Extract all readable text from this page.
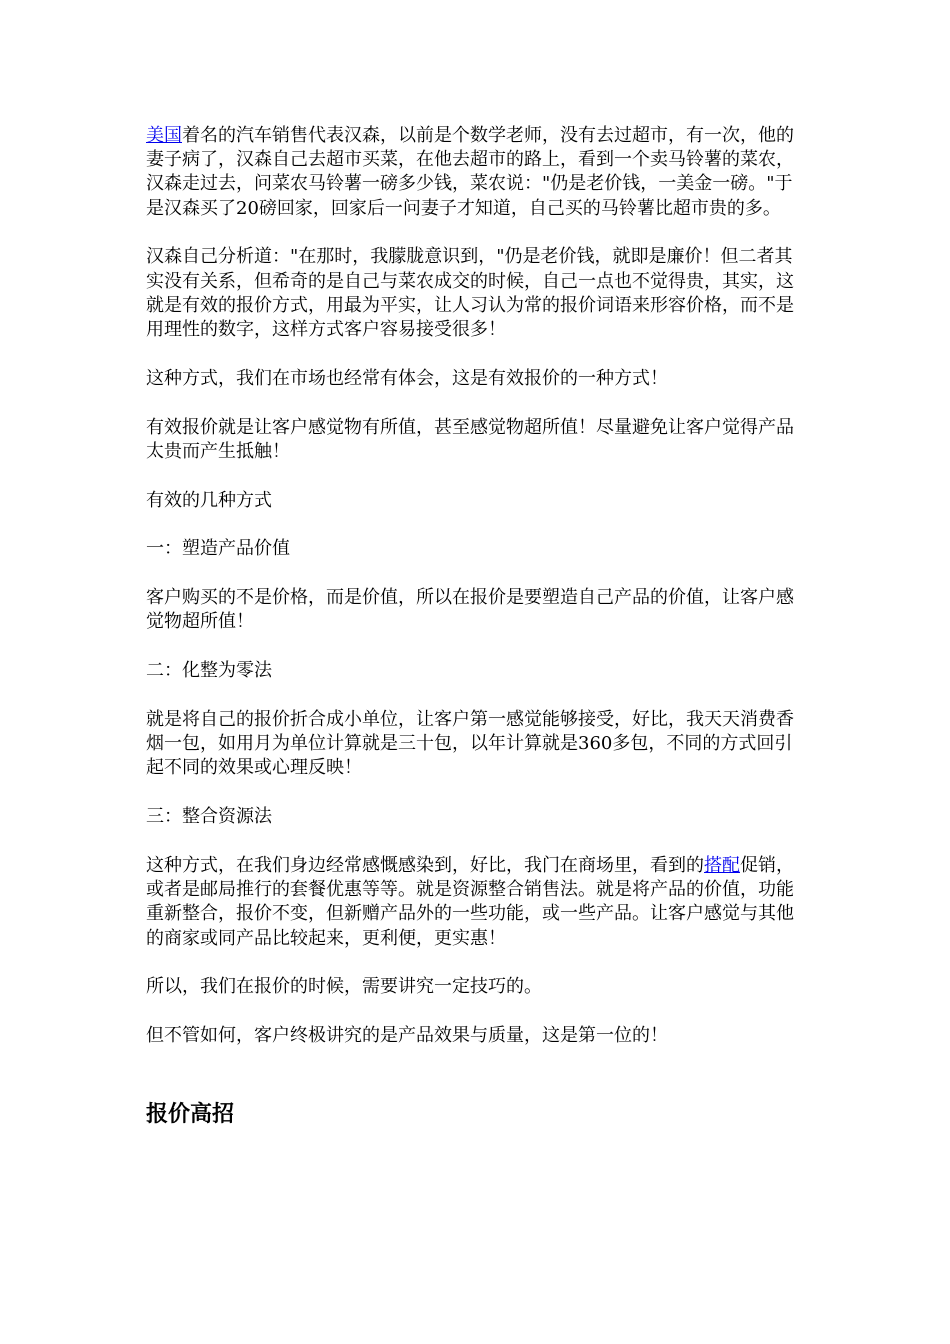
美国着名的汽车销售代表汉森，以前是个数学老师，没有去过超市，有一次，他的妻子病了，汉森自己去超市买菜，在他去超市的路上，看到一个卖马铃薯的菜农，汉森走过去，问菜农马铃薯一磅多少钱，菜农说："仍是老价钱，一美金一磅。"于是汉森买了20磅回家，回家后一问妻子才知道，自己买的马铃薯比超市贵的多。

汉森自己分析道："在那时，我朦胧意识到，"仍是老价钱，就即是廉价！但二者其实没有关系，但希奇的是自己与菜农成交的时候，自己一点也不觉得贵，其实，这就是有效的报价方式，用最为平实，让人习认为常的报价词语来形容价格，而不是用理性的数字，这样方式客户容易接受很多！

这种方式，我们在市场也经常有体会，这是有效报价的一种方式！

有效报价就是让客户感觉物有所值，甚至感觉物超所值！尽量避免让客户觉得产品太贵而产生抵触！

有效的几种方式

一：塑造产品价值

客户购买的不是价格，而是价值，所以在报价是要塑造自己产品的价值，让客户感觉物超所值！

二：化整为零法

就是将自己的报价折合成小单位，让客户第一感觉能够接受，好比，我天天消费香烟一包，如用月为单位计算就是三十包，以年计算就是360多包，不同的方式回引起不同的效果或心理反映！

三：整合资源法

这种方式，在我们身边经常感慨感染到，好比，我门在商场里，看到的搭配促销，或者是邮局推行的套餐优惠等等。就是资源整合销售法。就是将产品的价值，功能重新整合，报价不变，但新赠产品外的一些功能，或一些产品。让客户感觉与其他的商家或同产品比较起来，更利便，更实惠！

所以，我们在报价的时候，需要讲究一定技巧的。

但不管如何，客户终极讲究的是产品效果与质量，这是第一位的！

报价高招
